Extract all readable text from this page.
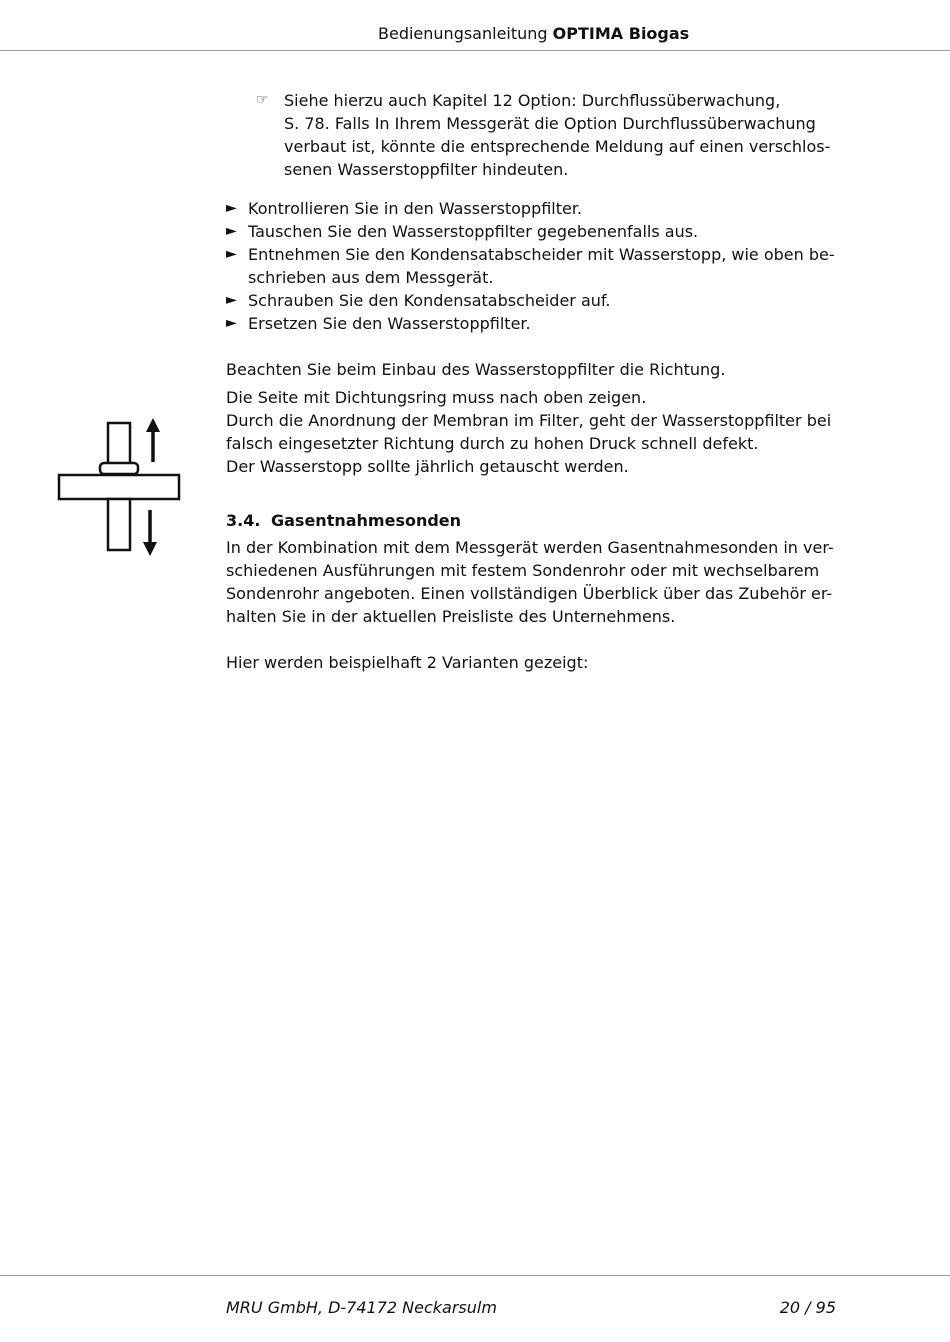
Bedienungsanleitung OPTIMA Biogas
☞ Siehe hierzu auch Kapitel 12 Option: Durchflussüberwachung,
S. 78. Falls In Ihrem Messgerät die Option Durchflussüberwachung
verbaut ist, könnte die entsprechende Meldung auf einen verschlos-
senen Wasserstoppfilter hindeuten.

► Kontrollieren Sie in den Wasserstoppfilter.
► Tauschen Sie den Wasserstoppfilter gegebenenfalls aus.
► Entnehmen Sie den Kondensatabscheider mit Wasserstopp, wie oben be-
schrieben aus dem Messgerät.
► Schrauben Sie den Kondensatabscheider auf.
► Ersetzen Sie den Wasserstoppfilter.

Beachten Sie beim Einbau des Wasserstoppfilter die Richtung.

Die Seite mit Dichtungsring muss nach oben zeigen.
Durch die Anordnung der Membran im Filter, geht der Wasserstoppfilter bei
falsch eingesetzter Richtung durch zu hohen Druck schnell defekt.
Der Wasserstopp sollte jährlich getauscht werden.

3.4. Gasentnahmesonden

In der Kombination mit dem Messgerät werden Gasentnahmesonden in ver-
schiedenen Ausführungen mit festem Sondenrohr oder mit wechselbarem
Sondenrohr angeboten. Einen vollständigen Überblick über das Zubehör er-
halten Sie in der aktuellen Preisliste des Unternehmens.

Hier werden beispielhaft 2 Varianten gezeigt:

MRU GmbH, D-74172 Neckarsulm	20 / 95
